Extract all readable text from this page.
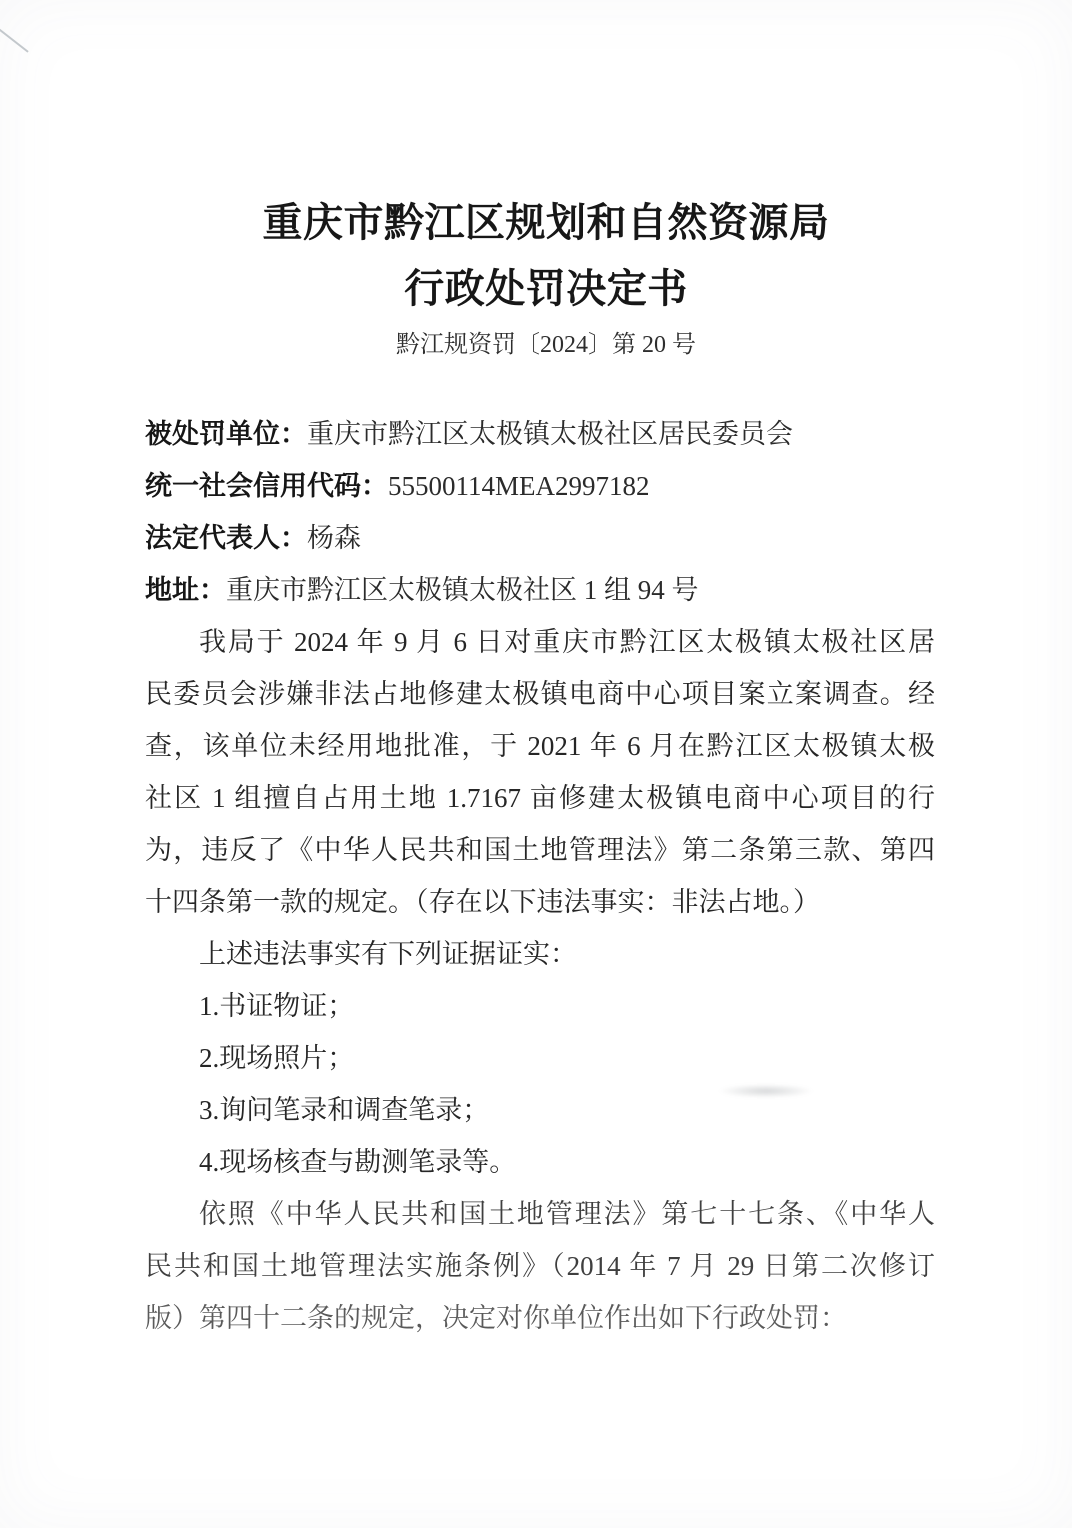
重庆市黔江区规划和自然资源局
行政处罚决定书
黔江规资罚〔2024〕第 20 号
被处罚单位：重庆市黔江区太极镇太极社区居民委员会
统一社会信用代码：55500114MEA2997182
法定代表人：杨森
地址：重庆市黔江区太极镇太极社区 1 组 94 号
我局于 2024 年 9 月 6 日对重庆市黔江区太极镇太极社区居
民委员会涉嫌非法占地修建太极镇电商中心项目案立案调查。经
查，该单位未经用地批准，于 2021 年 6 月在黔江区太极镇太极
社区 1 组擅自占用土地 1.7167 亩修建太极镇电商中心项目的行
为，违反了《中华人民共和国土地管理法》第二条第三款、第四
十四条第一款的规定。（存在以下违法事实：非法占地。）
上述违法事实有下列证据证实：
1.书证物证；
2.现场照片；
3.询问笔录和调查笔录；
4.现场核查与勘测笔录等。
依照《中华人民共和国土地管理法》第七十七条、《中华人
民共和国土地管理法实施条例》（2014 年 7 月 29 日第二次修订
版）第四十二条的规定，决定对你单位作出如下行政处罚：
